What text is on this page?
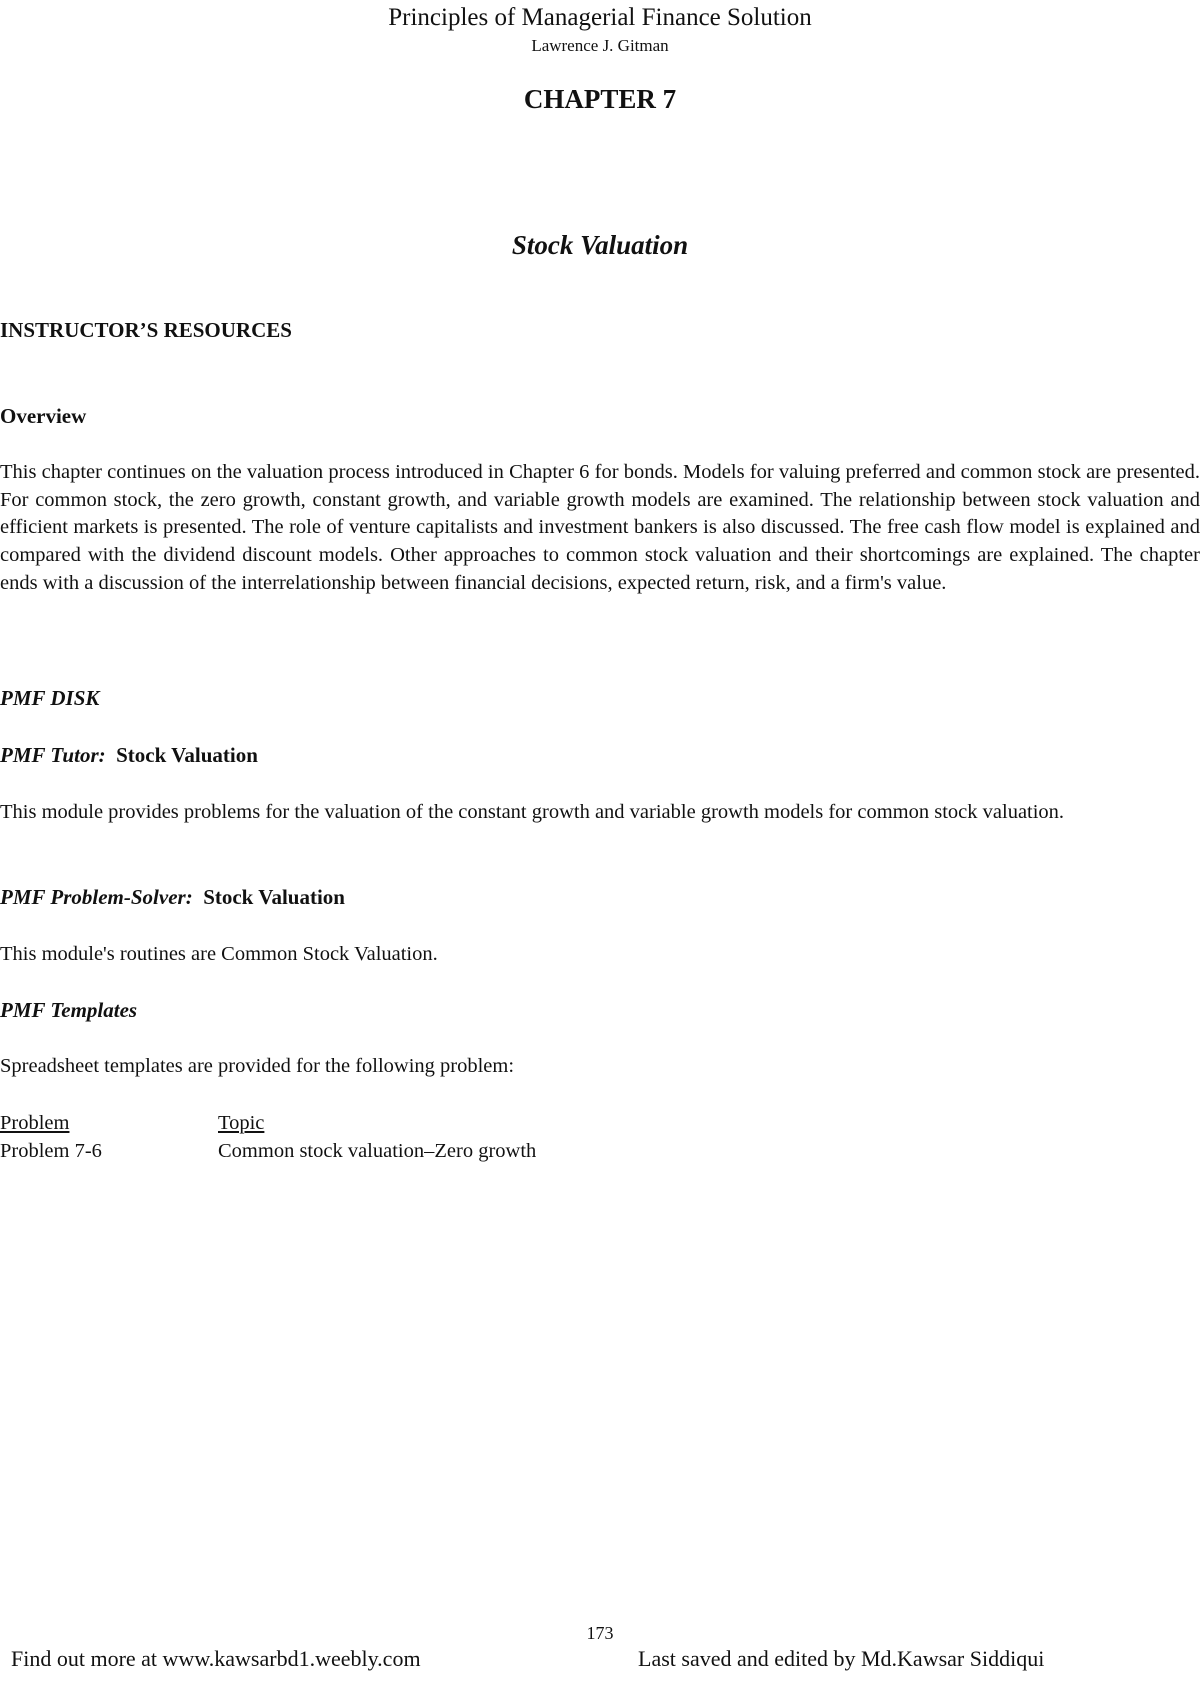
Principles of Managerial Finance Solution
Lawrence J. Gitman
CHAPTER 7
Stock Valuation
INSTRUCTOR’S RESOURCES
Overview
This chapter continues on the valuation process introduced in Chapter 6 for bonds. Models for valuing preferred and common stock are presented. For common stock, the zero growth, constant growth, and variable growth models are examined. The relationship between stock valuation and efficient markets is presented. The role of venture capitalists and investment bankers is also discussed. The free cash flow model is explained and compared with the dividend discount models. Other approaches to common stock valuation and their shortcomings are explained. The chapter ends with a discussion of the interrelationship between financial decisions, expected return, risk, and a firm's value.
PMF DISK
PMF Tutor: Stock Valuation
This module provides problems for the valuation of the constant growth and variable growth models for common stock valuation.
PMF Problem-Solver: Stock Valuation
This module's routines are Common Stock Valuation.
PMF Templates
Spreadsheet templates are provided for the following problem:
Problem	Topic
Problem 7-6	Common stock valuation–Zero growth
173
Find out more at www.kawsarbd1.weebly.com	Last saved and edited by Md.Kawsar Siddiqui
